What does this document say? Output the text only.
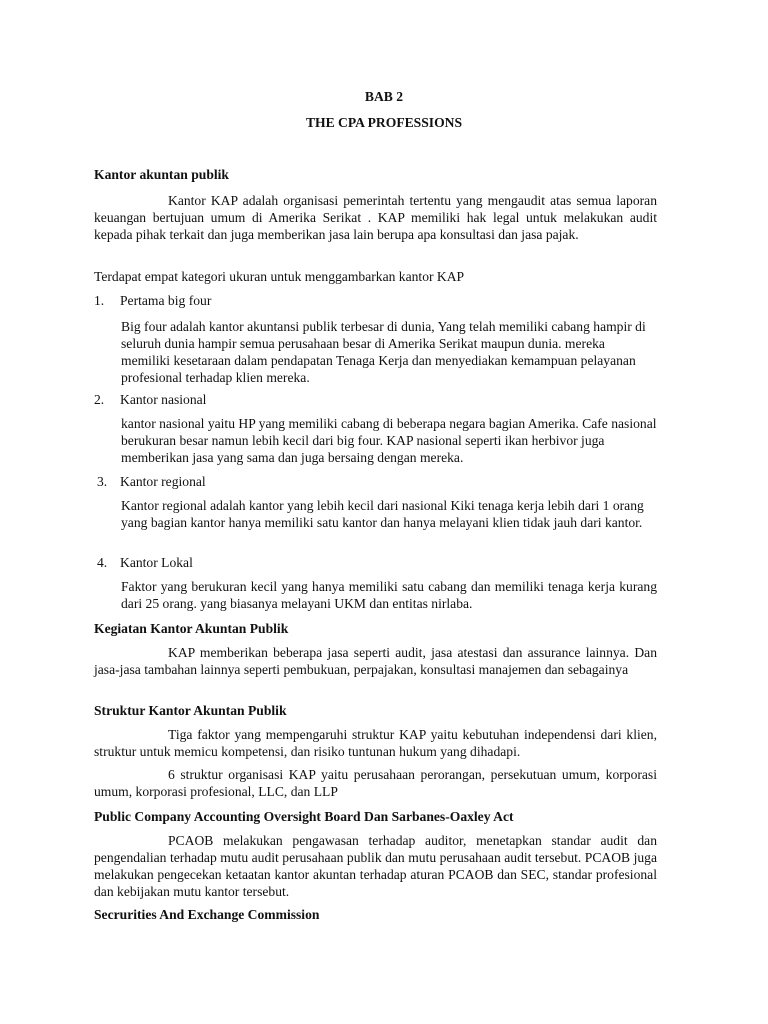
BAB 2
THE CPA PROFESSIONS
Kantor akuntan publik

Kantor KAP adalah organisasi pemerintah tertentu yang mengaudit atas semua laporan keuangan bertujuan umum di Amerika Serikat . KAP memiliki hak legal untuk melakukan audit kepada pihak terkait dan juga memberikan jasa lain berupa apa konsultasi dan jasa pajak.

Terdapat empat kategori ukuran untuk menggambarkan kantor KAP
1. Pertama big four

Big four adalah kantor akuntansi publik terbesar di dunia, Yang telah memiliki cabang hampir di seluruh dunia hampir semua perusahaan besar di Amerika Serikat maupun dunia. mereka memiliki kesetaraan dalam pendapatan Tenaga Kerja dan menyediakan kemampuan pelayanan profesional terhadap klien mereka.

2. Kantor nasional

kantor nasional yaitu HP yang memiliki cabang di beberapa negara bagian Amerika. Cafe nasional berukuran besar namun lebih kecil dari big four. KAP nasional seperti ikan herbivor juga memberikan jasa yang sama dan juga bersaing dengan mereka.

3. Kantor regional

Kantor regional adalah kantor yang lebih kecil dari nasional Kiki tenaga kerja lebih dari 1 orang yang bagian kantor hanya memiliki satu kantor dan hanya melayani klien tidak jauh dari kantor.

4. Kantor Lokal

Faktor yang berukuran kecil yang hanya memiliki satu cabang dan memiliki tenaga kerja kurang dari 25 orang. yang biasanya melayani UKM dan entitas nirlaba.

Kegiatan Kantor Akuntan Publik

KAP memberikan beberapa jasa seperti audit, jasa atestasi dan assurance lainnya. Dan jasa-jasa tambahan lainnya seperti pembukuan, perpajakan, konsultasi manajemen dan sebagainya

Struktur Kantor Akuntan Publik

Tiga faktor yang mempengaruhi struktur KAP yaitu kebutuhan independensi dari klien, struktur untuk memicu kompetensi, dan risiko tuntunan hukum yang dihadapi.

6 struktur organisasi KAP yaitu perusahaan perorangan, persekutuan umum, korporasi umum, korporasi profesional, LLC, dan LLP

Public Company Accounting Oversight Board Dan Sarbanes-Oaxley Act

PCAOB melakukan pengawasan terhadap auditor, menetapkan standar audit dan pengendalian terhadap mutu audit perusahaan publik dan mutu perusahaan audit tersebut. PCAOB juga melakukan pengecekan ketaatan kantor akuntan terhadap aturan PCAOB dan SEC, standar profesional dan kebijakan mutu kantor tersebut.

Secrurities And Exchange Commission
